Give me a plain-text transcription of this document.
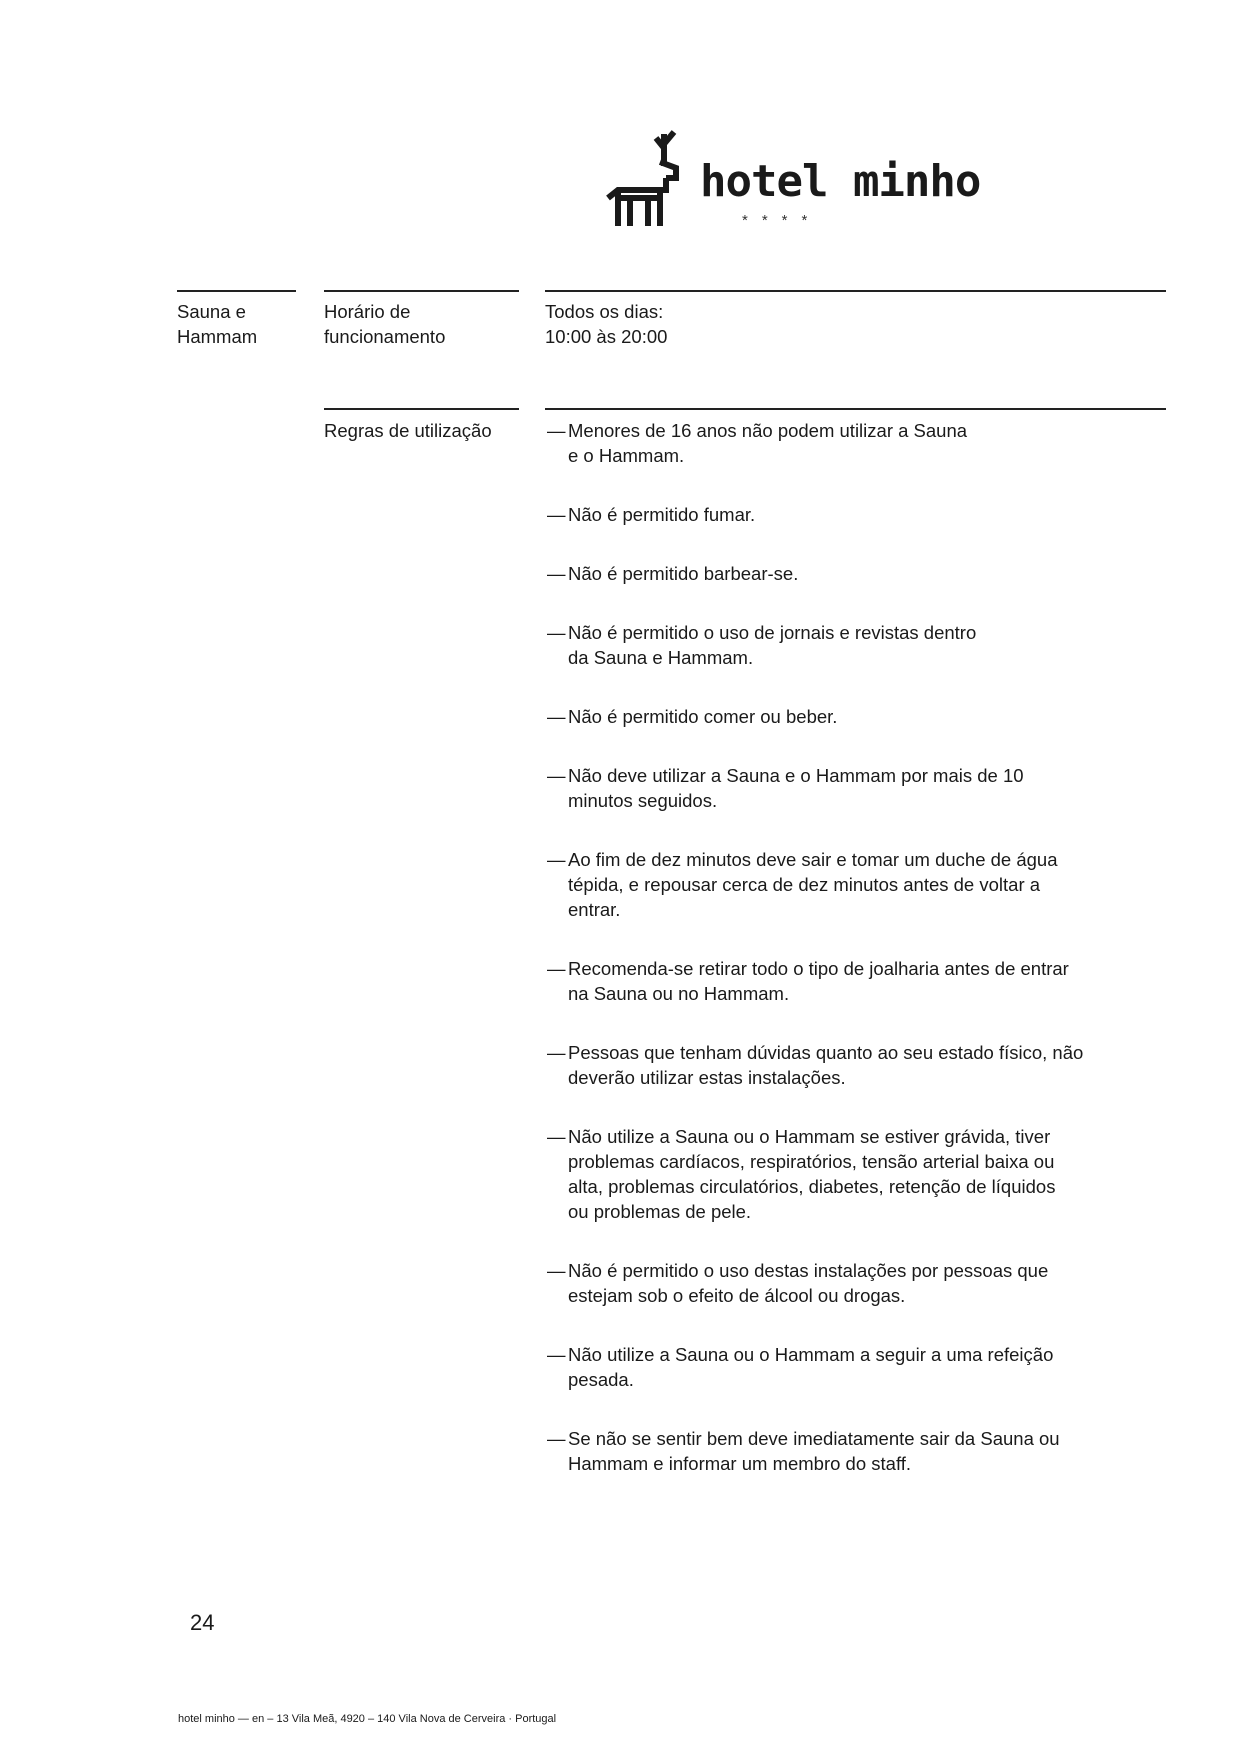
hotel minho
****
Sauna e
Hammam
Horário de
funcionamento
Todos os dias:
10:00 às 20:00
Regras de utilização	— Menores de 16 anos não podem utilizar a Sauna
e o Hammam.
— Não é permitido fumar.
— Não é permitido barbear-se.
— Não é permitido o uso de jornais e revistas dentro
da Sauna e Hammam.
— Não é permitido comer ou beber.
— Não deve utilizar a Sauna e o Hammam por mais de 10
minutos seguidos.
— Ao fim de dez minutos deve sair e tomar um duche de água
tépida, e repousar cerca de dez minutos antes de voltar a
entrar.
— Recomenda-se retirar todo o tipo de joalharia antes de entrar
na Sauna ou no Hammam.
— Pessoas que tenham dúvidas quanto ao seu estado físico, não
deverão utilizar estas instalações.
— Não utilize a Sauna ou o Hammam se estiver grávida, tiver
problemas cardíacos, respiratórios, tensão arterial baixa ou
alta, problemas circulatórios, diabetes, retenção de líquidos
ou problemas de pele.
— Não é permitido o uso destas instalações por pessoas que
estejam sob o efeito de álcool ou drogas.
— Não utilize a Sauna ou o Hammam a seguir a uma refeição
pesada.
— Se não se sentir bem deve imediatamente sair da Sauna ou
Hammam e informar um membro do staff.
24
hotel minho — en – 13 Vila Meã, 4920 – 140 Vila Nova de Cerveira · Portugal
